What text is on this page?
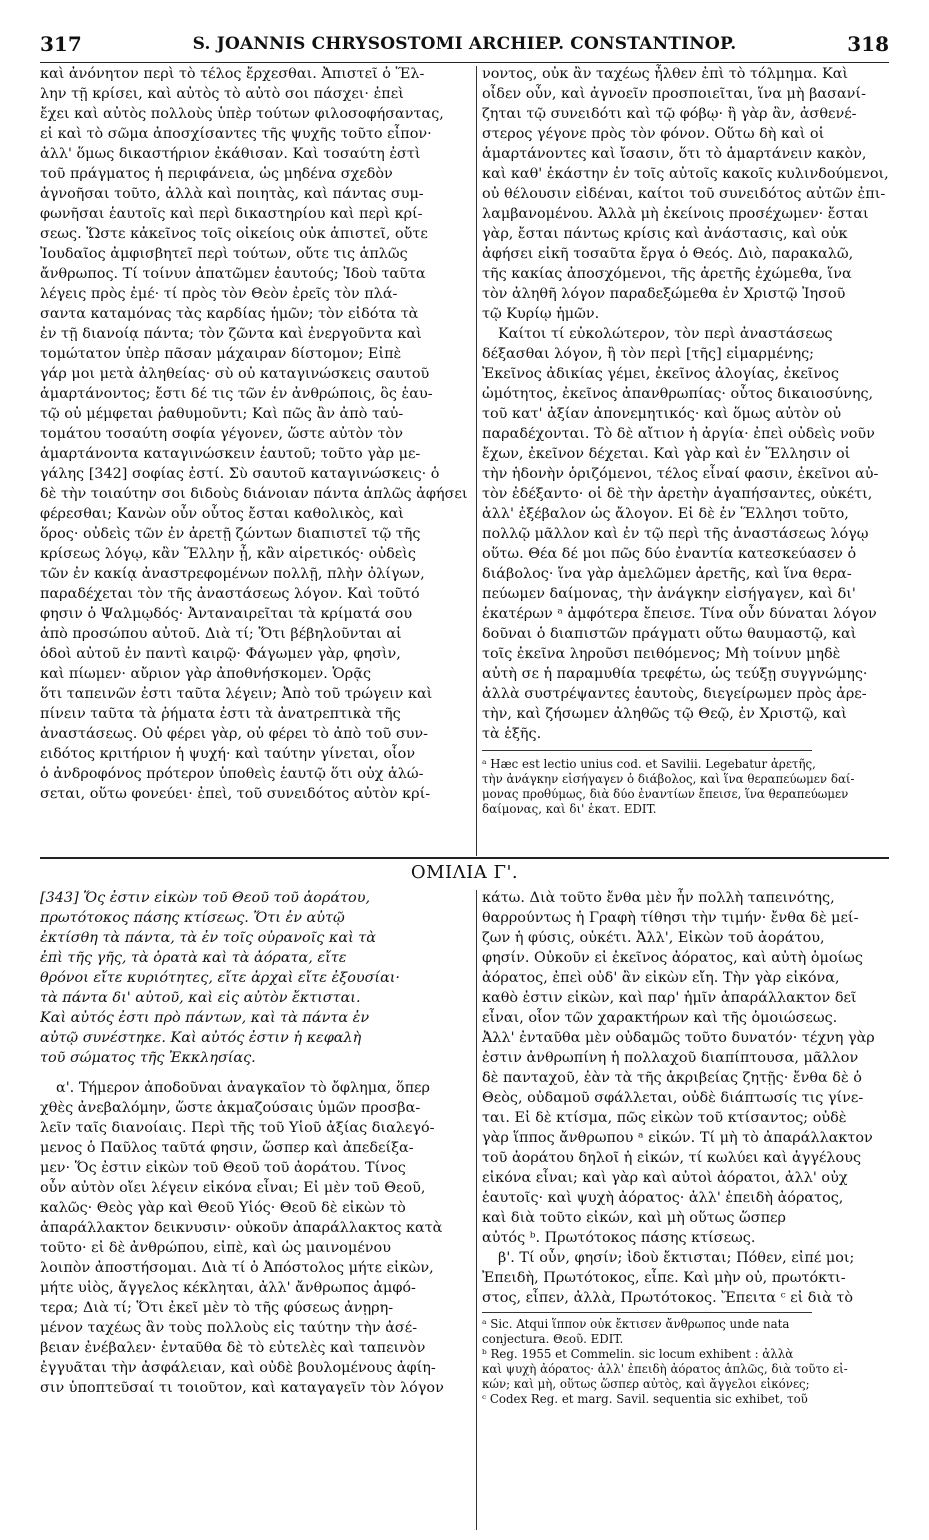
317	S. JOANNIS CHRYSOSTOMI ARCHIEP. CONSTANTINOP.	318
καὶ ἀνόνητον περὶ τὸ τέλος ἔρχεσθαι. Ἀπιστεῖ ὁ Ἕλ-
λην τῇ κρίσει, καὶ αὐτὸς τὸ αὐτὸ σοι πάσχει· ἐπεὶ
ἔχει καὶ αὐτὸς πολλοὺς ὑπὲρ τούτων φιλοσοφήσαντας,
εἰ καὶ τὸ σῶμα ἀποσχίσαντες τῆς ψυχῆς τοῦτο εἶπον·
ἀλλ' ὅμως δικαστήριον ἐκάθισαν. Καὶ τοσαύτη ἐστὶ
τοῦ πράγματος ἡ περιφάνεια, ὡς μηδένα σχεδὸν
ἀγνοῆσαι τοῦτο, ἀλλὰ καὶ ποιητὰς, καὶ πάντας συμ-
φωνῆσαι ἑαυτοῖς καὶ περὶ δικαστηρίου καὶ περὶ κρί-
σεως. Ὥστε κἀκεῖνος τοῖς οἰκείοις οὐκ ἀπιστεῖ, οὔτε
Ἰουδαῖος ἀμφισβητεῖ περὶ τούτων, οὔτε τις ἁπλῶς
ἄνθρωπος. Τί τοίνυν ἀπατῶμεν ἑαυτούς; Ἰδοὺ ταῦτα
λέγεις πρὸς ἐμέ· τί πρὸς τὸν Θεὸν ἐρεῖς τὸν πλά-
σαντα καταμόνας τὰς καρδίας ἡμῶν; τὸν εἰδότα τὰ
ἐν τῇ διανοίᾳ πάντα; τὸν ζῶντα καὶ ἐνεργοῦντα καὶ
τομώτατον ὑπὲρ πᾶσαν μάχαιραν δίστομον; Εἰπὲ
γάρ μοι μετὰ ἀληθείας· σὺ οὐ καταγινώσκεις σαυτοῦ
ἁμαρτάνοντος; ἔστι δέ τις τῶν ἐν ἀνθρώποις, ὃς ἑαυ-
τῷ οὐ μέμφεται ῥαθυμοῦντι; Καὶ πῶς ἂν ἀπὸ ταὐ-
τομάτου τοσαύτη σοφία γέγονεν, ὥστε αὐτὸν τὸν
ἁμαρτάνοντα καταγινώσκειν ἑαυτοῦ; τοῦτο γὰρ με-
γάλης [342] σοφίας ἐστί. Σὺ σαυτοῦ καταγινώσκεις· ὁ
δὲ τὴν τοιαύτην σοι διδοὺς διάνοιαν πάντα ἁπλῶς ἀφήσει
φέρεσθαι; Κανὼν οὖν οὗτος ἔσται καθολικὸς, καὶ
ὅρος· οὐδεὶς τῶν ἐν ἀρετῇ ζώντων διαπιστεῖ τῷ τῆς
κρίσεως λόγῳ, κἂν Ἕλλην ᾖ, κἂν αἱρετικός· οὐδεὶς
τῶν ἐν κακίᾳ ἀναστρεφομένων πολλῇ, πλὴν ὀλίγων,
παραδέχεται τὸν τῆς ἀναστάσεως λόγον. Καὶ τοῦτό
φησιν ὁ Ψαλμῳδός· Ἀνταναιρεῖται τὰ κρίματά σου
ἀπὸ προσώπου αὐτοῦ. Διὰ τί; Ὅτι βέβηλοῦνται αἱ
ὁδοὶ αὐτοῦ ἐν παντὶ καιρῷ· Φάγωμεν γὰρ, φησὶν,
καὶ πίωμεν· αὔριον γὰρ ἀποθνήσκομεν. Ὁρᾷς
ὅτι ταπεινῶν ἐστι ταῦτα λέγειν; Ἀπὸ τοῦ τρώγειν καὶ
πίνειν ταῦτα τὰ ῥήματα ἐστι τὰ ἀνατρεπτικὰ τῆς
ἀναστάσεως. Οὐ φέρει γὰρ, οὐ φέρει τὸ ἀπὸ τοῦ συν-
ειδότος κριτήριον ἡ ψυχή· καὶ ταύτην γίνεται, οἷον
ὁ ἀνδροφόνος πρότερον ὑποθεὶς ἑαυτῷ ὅτι οὐχ ἁλώ-
σεται, οὕτω φονεύει· ἐπεὶ, τοῦ συνειδότος αὐτὸν κρί-
νοντος, οὐκ ἂν ταχέως ἦλθεν ἐπὶ τὸ τόλμημα. Καὶ
οἶδεν οὖν, καὶ ἀγνοεῖν προσποιεῖται, ἵνα μὴ βασανί-
ζηται τῷ συνειδότι καὶ τῷ φόβῳ· ἢ γὰρ ἂν, ἀσθενέ-
στερος γέγονε πρὸς τὸν φόνον. Οὕτω δὴ καὶ οἱ
ἁμαρτάνοντες καὶ ἴσασιν, ὅτι τὸ ἁμαρτάνειν κακὸν,
καὶ καθ' ἑκάστην ἐν τοῖς αὐτοῖς κακοῖς κυλινδούμενοι,
οὐ θέλουσιν εἰδέναι, καίτοι τοῦ συνειδότος αὐτῶν ἐπι-
λαμβανομένου. Ἀλλὰ μὴ ἐκείνοις προσέχωμεν· ἔσται
γὰρ, ἔσται πάντως κρίσις καὶ ἀνάστασις, καὶ οὐκ
ἀφήσει εἰκῆ τοσαῦτα ἔργα ὁ Θεός. Διὸ, παρακαλῶ,
τῆς κακίας ἀποσχόμενοι, τῆς ἀρετῆς ἐχώμεθα, ἵνα
τὸν ἀληθῆ λόγον παραδεξώμεθα ἐν Χριστῷ Ἰησοῦ
τῷ Κυρίῳ ἡμῶν.
Καίτοι τί εὐκολώτερον, τὸν περὶ ἀναστάσεως
δέξασθαι λόγον, ἢ τὸν περὶ [τῆς] εἱμαρμένης;
Ἐκεῖνος ἀδικίας γέμει, ἐκεῖνος ἀλογίας, ἐκεῖνος
ὠμότητος, ἐκεῖνος ἀπανθρωπίας· οὗτος δικαιοσύνης,
τοῦ κατ' ἀξίαν ἀπονεμητικός· καὶ ὅμως αὐτὸν οὐ
παραδέχονται. Τὸ δὲ αἴτιον ἡ ἀργία· ἐπεὶ οὐδεὶς νοῦν
ἔχων, ἐκεῖνον δέχεται. Καὶ γὰρ καὶ ἐν Ἕλλησιν οἱ
τὴν ἡδονὴν ὁριζόμενοι, τέλος εἶναί φασιν, ἐκεῖνοι αὐ-
τὸν ἐδέξαντο· οἱ δὲ τὴν ἀρετὴν ἀγαπήσαντες, οὐκέτι,
ἀλλ' ἐξέβαλον ὡς ἄλογον. Εἰ δὲ ἐν Ἕλλησι τοῦτο,
πολλῷ μᾶλλον καὶ ἐν τῷ περὶ τῆς ἀναστάσεως λόγῳ
οὕτω. Θέα δέ μοι πῶς δύο ἐναντία κατεσκεύασεν ὁ
διάβολος· ἵνα γὰρ ἀμελῶμεν ἀρετῆς, καὶ ἵνα θερα-
πεύωμεν δαίμονας, τὴν ἀνάγκην εἰσήγαγεν, καὶ δι'
ἑκατέρων ᵃ ἀμφότερα ἔπεισε. Τίνα οὖν δύναται λόγον
δοῦναι ὁ διαπιστῶν πράγματι οὕτω θαυμαστῷ, καὶ
τοῖς ἐκεῖνα ληροῦσι πειθόμενος; Μὴ τοίνυν μηδὲ
αὐτὴ σε ἡ παραμυθία τρεφέτω, ὡς τεύξῃ συγγνώμης·
ἀλλὰ συστρέψαντες ἑαυτοὺς, διεγείρωμεν πρὸς ἀρε-
τὴν, καὶ ζήσωμεν ἀληθῶς τῷ Θεῷ, ἐν Χριστῷ, καὶ
τὰ ἑξῆς.
ᵃ Hæc est lectio unius cod. et Savilii. Legebatur ἀρετῆς,
τὴν ἀνάγκην εἰσήγαγεν ὁ διάβολος, καὶ ἵνα θεραπεύωμεν δαί-
μονας προθύμως, διὰ δύο ἐναντίων ἔπεισε, ἵνα θεραπεύωμεν
δαίμονας, καὶ δι' ἑκατ. EDIT.
ΟΜΙΛΙΑ Γ'.
[343] Ὅς ἐστιν εἰκὼν τοῦ Θεοῦ τοῦ ἀοράτου,
πρωτότοκος πάσης κτίσεως. Ὅτι ἐν αὐτῷ
ἐκτίσθη τὰ πάντα, τὰ ἐν τοῖς οὐρανοῖς καὶ τὰ
ἐπὶ τῆς γῆς, τὰ ὁρατὰ καὶ τὰ ἀόρατα, εἴτε
θρόνοι εἴτε κυριότητες, εἴτε ἀρχαὶ εἴτε ἐξουσίαι·
τὰ πάντα δι' αὐτοῦ, καὶ εἰς αὐτὸν ἔκτισται.
Καὶ αὐτός ἐστι πρὸ πάντων, καὶ τὰ πάντα ἐν
αὐτῷ συνέστηκε. Καὶ αὐτός ἐστιν ἡ κεφαλὴ
τοῦ σώματος τῆς Ἐκκλησίας.
α'. Τήμερον ἀποδοῦναι ἀναγκαῖον τὸ ὄφλημα, ὅπερ
χθὲς ἀνεβαλόμην, ὥστε ἀκμαζούσαις ὑμῶν προσβα-
λεῖν ταῖς διανοίαις. Περὶ τῆς τοῦ Υἱοῦ ἀξίας διαλεγό-
μενος ὁ Παῦλος ταῦτά φησιν, ὥσπερ καὶ ἀπεδείξα-
μεν· Ὅς ἐστιν εἰκὼν τοῦ Θεοῦ τοῦ ἀοράτου. Τίνος
οὖν αὐτὸν οἴει λέγειν εἰκόνα εἶναι; Εἰ μὲν τοῦ Θεοῦ,
καλῶς· Θεὸς γὰρ καὶ Θεοῦ Υἱός· Θεοῦ δὲ εἰκὼν τὸ
ἀπαράλλακτον δεικνυσιν· οὐκοῦν ἀπαράλλακτος κατὰ
τοῦτο· εἰ δὲ ἀνθρώπου, εἰπὲ, καὶ ὡς μαινομένου
λοιπὸν ἀποστήσομαι. Διὰ τί ὁ Ἀπόστολος μήτε εἰκὼν,
μήτε υἱὸς, ἄγγελος κέκληται, ἀλλ' ἄνθρωπος ἀμφό-
τερα; Διὰ τί; Ὅτι ἐκεῖ μὲν τὸ τῆς φύσεως ἀνῃρη-
μένον ταχέως ἂν τοὺς πολλοὺς εἰς ταύτην τὴν ἀσέ-
βειαν ἐνέβαλεν· ἐνταῦθα δὲ τὸ εὐτελὲς καὶ ταπεινὸν
ἐγγυᾶται τὴν ἀσφάλειαν, καὶ οὐδὲ βουλομένους ἀφίη-
σιν ὑποπτεῦσαί τι τοιοῦτον, καὶ καταγαγεῖν τὸν λόγον
κάτω. Διὰ τοῦτο ἔνθα μὲν ἦν πολλὴ ταπεινότης,
θαρρούντως ἡ Γραφὴ τίθησι τὴν τιμήν· ἔνθα δὲ μεί-
ζων ἡ φύσις, οὐκέτι. Ἀλλ', Εἰκὼν τοῦ ἀοράτου,
φησίν. Οὐκοῦν εἰ ἐκεῖνος ἀόρατος, καὶ αὐτὴ ὁμοίως
ἀόρατος, ἐπεὶ οὐδ' ἂν εἰκὼν εἴη. Τὴν γὰρ εἰκόνα,
καθὸ ἐστιν εἰκὼν, καὶ παρ' ἡμῖν ἀπαράλλακτον δεῖ
εἶναι, οἷον τῶν χαρακτήρων καὶ τῆς ὁμοιώσεως.
Ἀλλ' ἐνταῦθα μὲν οὐδαμῶς τοῦτο δυνατόν· τέχνη γὰρ
ἐστιν ἀνθρωπίνη ἡ πολλαχοῦ διαπίπτουσα, μᾶλλον
δὲ πανταχοῦ, ἐὰν τὰ τῆς ἀκριβείας ζητῇς· ἔνθα δὲ ὁ
Θεὸς, οὐδαμοῦ σφάλλεται, οὐδὲ διάπτωσίς τις γίνε-
ται. Εἰ δὲ κτίσμα, πῶς εἰκὼν τοῦ κτίσαντος; οὐδὲ
γὰρ ἵππος ἄνθρωπου ᵃ εἰκών. Τί μὴ τὸ ἀπαράλλακτον
τοῦ ἀοράτου δηλοῖ ἡ εἰκών, τί κωλύει καὶ ἀγγέλους
εἰκόνα εἶναι; καὶ γὰρ καὶ αὐτοὶ ἀόρατοι, ἀλλ' οὐχ
ἑαυτοῖς· καὶ ψυχὴ ἀόρατος· ἀλλ' ἐπειδὴ ἀόρατος,
καὶ διὰ τοῦτο εἰκών, καὶ μὴ οὕτως ὥσπερ
αὐτός ᵇ. Πρωτότοκος πάσης κτίσεως.
β'. Τί οὖν, φησίν; ἰδοὺ ἔκτισται; Πόθεν, εἰπέ μοι;
Ἐπειδὴ, Πρωτότοκος, εἶπε. Καὶ μὴν οὐ, πρωτόκτι-
στος, εἶπεν, ἀλλὰ, Πρωτότοκος. Ἔπειτα ᶜ εἰ διὰ τὸ
ᵃ Sic. Atqui ἵππον οὐκ ἔκτισεν ἄνθρωπος unde nata
conjectura. Θεοῦ. EDIT.
ᵇ Reg. 1955 et Commelin. sic locum exhibent : ἀλλὰ
καὶ ψυχὴ ἀόρατος· ἀλλ' ἐπειδὴ ἀόρατος ἁπλῶς, διὰ τοῦτο εἰ-
κών; καὶ μὴ, οὕτως ὥσπερ αὐτὸς, καὶ ἄγγελοι εἰκόνες;
ᶜ Codex Reg. et marg. Savil. sequentia sic exhibet, τοῦ
